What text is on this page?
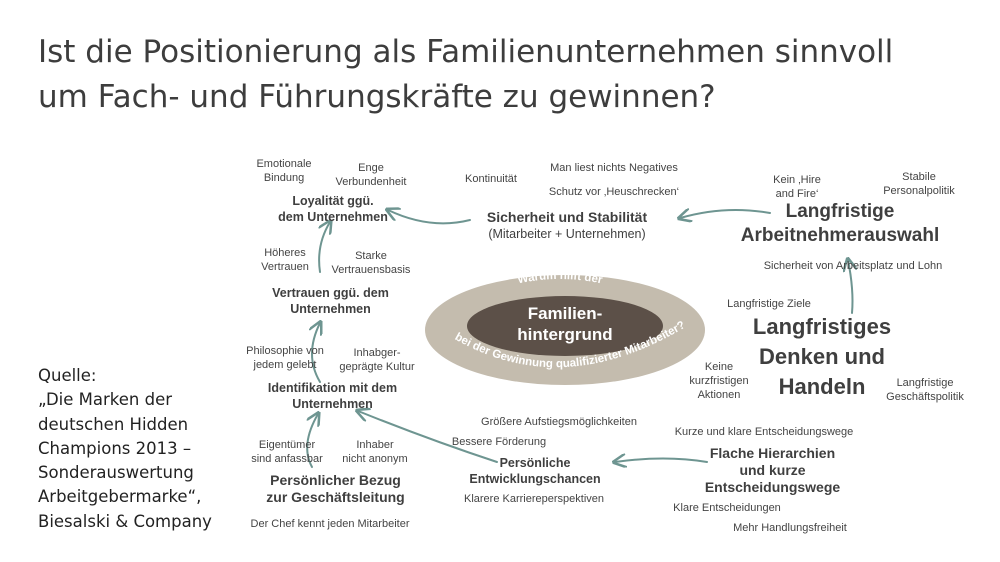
Ist die Positionierung als Familienunternehmen sinnvoll
um Fach- und Führungskräfte zu gewinnen?
Quelle:
„Die Marken der
deutschen Hidden
Champions 2013 –
Sonderauswertung
Arbeitgebermarke“,
Biesalski & Company
Warum hilft der
bei der Gewinnung qualifizierter Mitarbeiter?
Familien-
hintergrund
Emotionale
Bindung
Enge
Verbundenheit
Loyalität ggü.
dem Unternehmen
Höheres
Vertrauen
Starke
Vertrauensbasis
Vertrauen ggü. dem
Unternehmen
Philosophie von
jedem gelebt
Inhabger-
geprägte Kultur
Identifikation mit dem
Unternehmen
Eigentümer
sind anfassbar
Inhaber
nicht anonym
Persönlicher Bezug
zur Geschäftsleitung
Der Chef kennt jeden Mitarbeiter
Kontinuität
Man liest nichts Negatives
Schutz vor ‚Heuschrecken‘
Sicherheit und Stabilität
(Mitarbeiter + Unternehmen)
Kein ‚Hire
and Fire‘
Stabile
Personalpolitik
Langfristige
Arbeitnehmerauswahl
Sicherheit von Arbeitsplatz und Lohn
Langfristige Ziele
Langfristiges
Denken und
Handeln
Keine
kurzfristigen
Aktionen
Langfristige
Geschäftspolitik
Kurze und klare Entscheidungswege
Flache Hierarchien
und kurze
Entscheidungswege
Klare Entscheidungen
Mehr Handlungsfreiheit
Größere Aufstiegsmöglichkeiten
Bessere Förderung
Persönliche
Entwicklungschancen
Klarere Karriereperspektiven
